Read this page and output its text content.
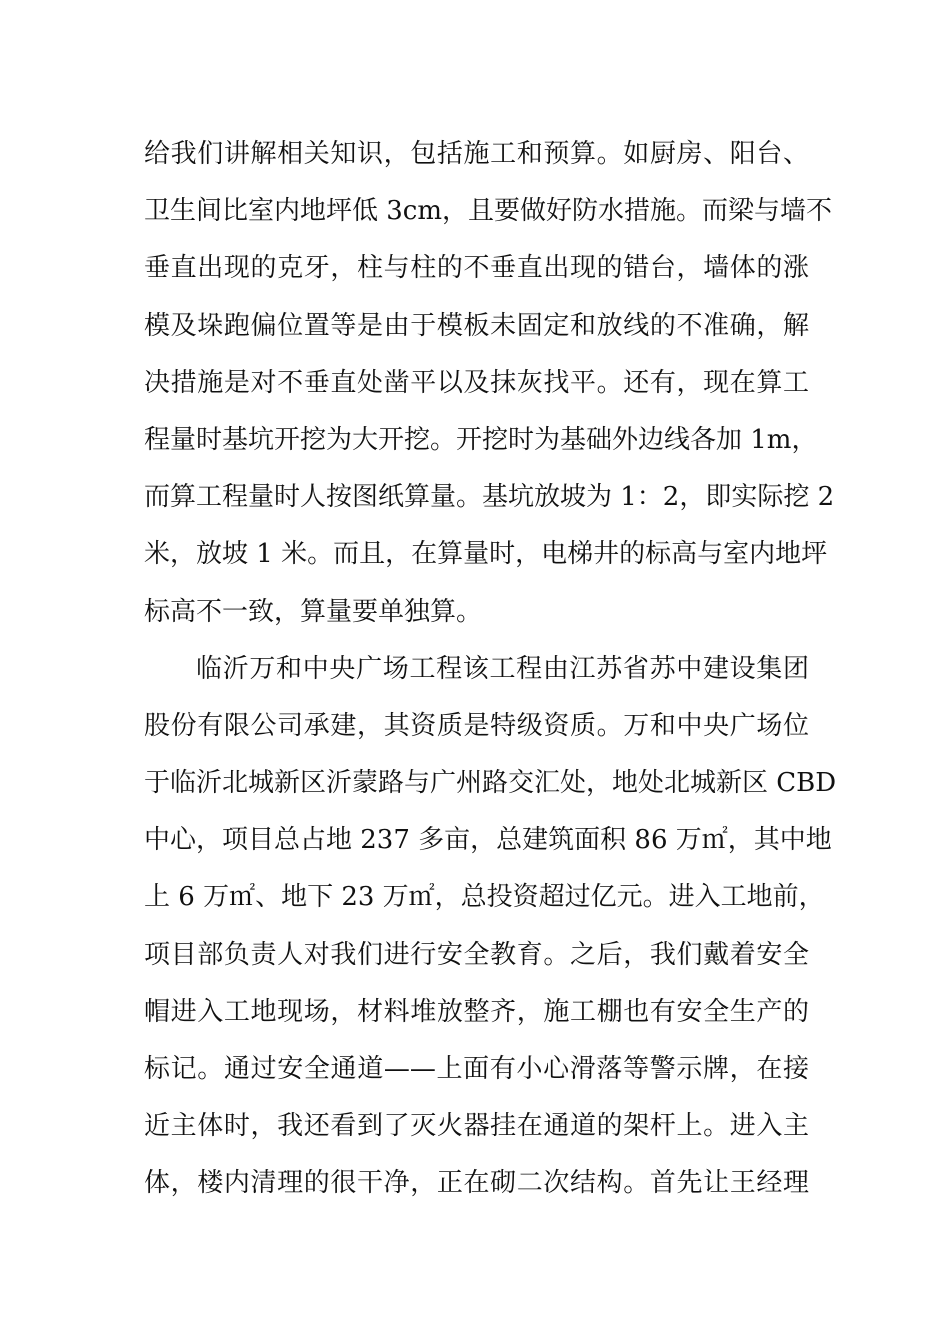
给我们讲解相关知识，包括施工和预算。如厨房、阳台、
卫生间比室内地坪低 3cm，且要做好防水措施。而梁与墙不
垂直出现的克牙，柱与柱的不垂直出现的错台，墙体的涨
模及垛跑偏位置等是由于模板未固定和放线的不准确，解
决措施是对不垂直处凿平以及抹灰找平。还有，现在算工
程量时基坑开挖为大开挖。开挖时为基础外边线各加 1m，
而算工程量时人按图纸算量。基坑放坡为 1：2，即实际挖 2
米，放坡 1 米。而且，在算量时，电梯井的标高与室内地坪
标高不一致，算量要单独算。
临沂万和中央广场工程该工程由江苏省苏中建设集团
股份有限公司承建，其资质是特级资质。万和中央广场位
于临沂北城新区沂蒙路与广州路交汇处，地处北城新区 CBD
中心，项目总占地 237 多亩，总建筑面积 86 万㎡，其中地
上 6 万㎡、地下 23 万㎡，总投资超过亿元。进入工地前，
项目部负责人对我们进行安全教育。之后，我们戴着安全
帽进入工地现场，材料堆放整齐，施工棚也有安全生产的
标记。通过安全通道——上面有小心滑落等警示牌，在接
近主体时，我还看到了灭火器挂在通道的架杆上。进入主
体，楼内清理的很干净，正在砌二次结构。首先让王经理
